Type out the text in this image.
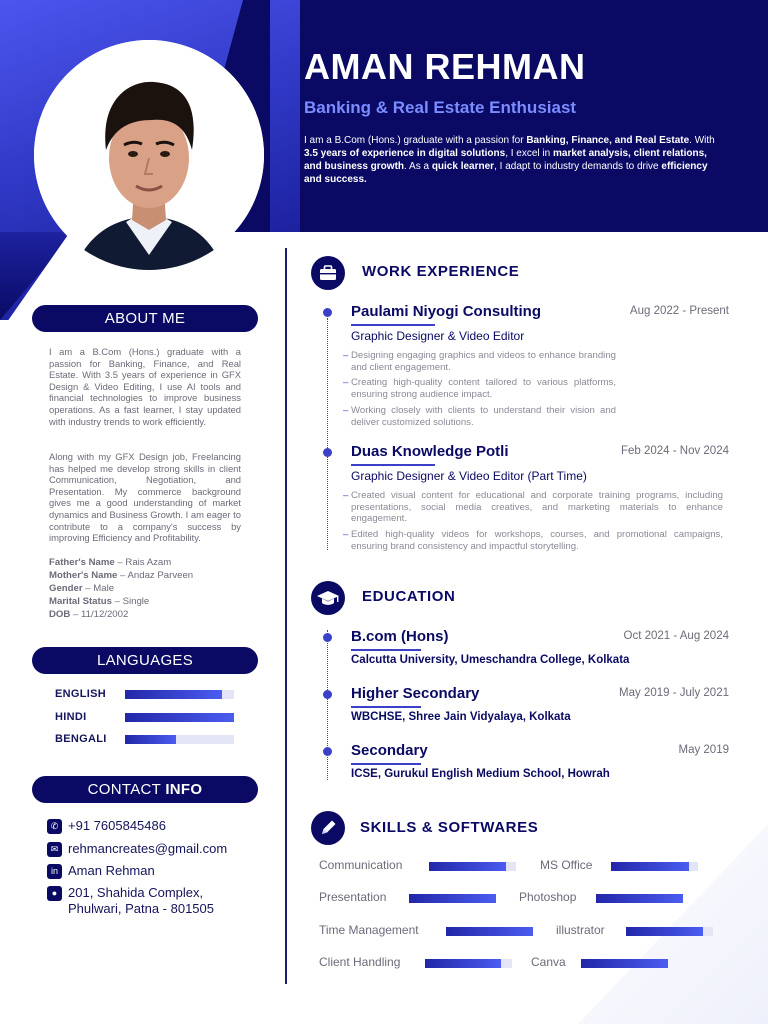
AMAN REHMAN
Banking & Real Estate Enthusiast
I am a B.Com (Hons.) graduate with a passion for Banking, Finance, and Real Estate. With 3.5 years of experience in digital solutions, I excel in market analysis, client relations, and business growth. As a quick learner, I adapt to industry demands to drive efficiency and success.
ABOUT ME
I am a B.Com (Hons.) graduate with a passion for Banking, Finance, and Real Estate. With 3.5 years of experience in GFX Design & Video Editing, I use AI tools and financial technologies to improve business operations. As a fast learner, I stay updated with industry trends to work efficiently.
Along with my GFX Design job, Freelancing has helped me develop strong skills in client Communication, Negotiation, and Presentation. My commerce background gives me a good understanding of market dynamics and Business Growth. I am eager to contribute to a company's success by improving Efficiency and Profitability.
Father's Name – Rais Azam
Mother's Name – Andaz Parveen
Gender – Male
Marital Status – Single
DOB – 11/12/2002
LANGUAGES
ENGLISH
HINDI
BENGALI
CONTACT INFO
✆ +91 7605845486
✉ rehmancreates@gmail.com
in Aman Rehman
● 201, Shahida Complex,
Phulwari, Patna - 801505
WORK EXPERIENCE
Paulami Niyogi Consulting	Aug 2022 - Present
Graphic Designer & Video Editor
– Designing engaging graphics and videos to enhance branding and client engagement.
– Creating high-quality content tailored to various platforms, ensuring strong audience impact.
– Working closely with clients to understand their vision and deliver customized solutions.
Duas Knowledge Potli	Feb 2024 - Nov 2024
Graphic Designer & Video Editor (Part Time)
– Created visual content for educational and corporate training programs, including presentations, social media creatives, and marketing materials to enhance engagement.
– Edited high-quality videos for workshops, courses, and promotional campaigns, ensuring brand consistency and impactful storytelling.
EDUCATION
B.com (Hons)	Oct 2021 - Aug 2024
Calcutta University, Umeschandra College, Kolkata
Higher Secondary	May 2019 - July 2021
WBCHSE, Shree Jain Vidyalaya, Kolkata
Secondary	May 2019
ICSE, Gurukul English Medium School, Howrah
SKILLS & SOFTWARES
Communication	MS Office
Presentation	Photoshop
Time Management	illustrator
Client Handling	Canva
